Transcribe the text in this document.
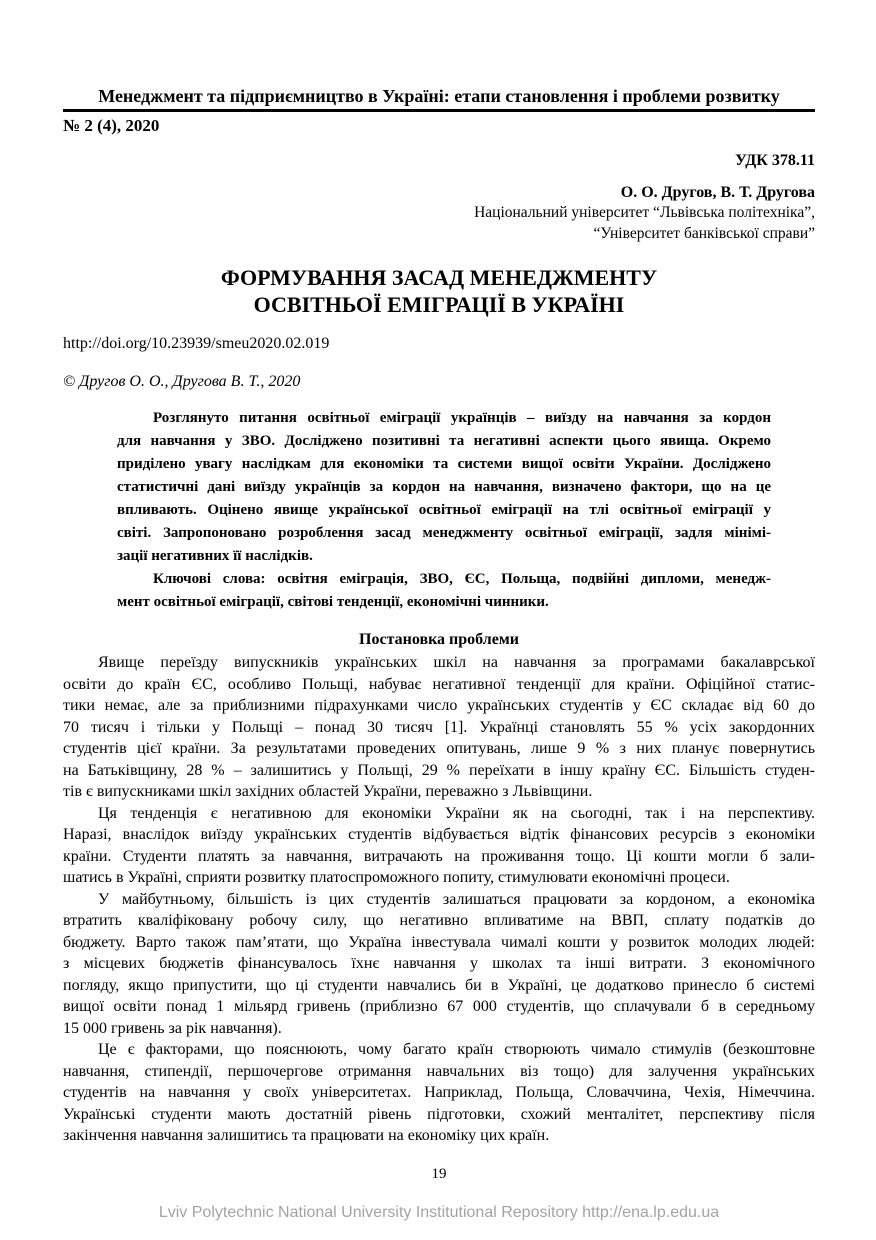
Менеджмент та підприємництво в Україні: етапи становлення і проблеми розвитку
№ 2 (4), 2020
УДК 378.11
О. О. Другов, В. Т. Другова
Національний університет “Львівська політехніка”,
“Університет банківської справи”
ФОРМУВАННЯ ЗАСАД МЕНЕДЖМЕНТУ
ОСВІТНЬОЇ ЕМІГРАЦІЇ В УКРАЇНІ
http://doi.org/10.23939/smeu2020.02.019
© Другов О. О., Другова В. Т., 2020
Розглянуто питання освітньої еміграції українців – виїзду на навчання за кордон
для навчання у ЗВО. Досліджено позитивні та негативні аспекти цього явища. Окремо
приділено увагу наслідкам для економіки та системи вищої освіти України. Досліджено
статистичні дані виїзду українців за кордон на навчання, визначено фактори, що на це
впливають. Оцінено явище української освітньої еміграції на тлі освітньої еміграції у
світі. Запропоновано розроблення засад менеджменту освітньої еміграції, задля мінімі-
зації негативних її наслідків.
Ключові слова: освітня еміграція, ЗВО, ЄС, Польща, подвійні дипломи, менедж-
мент освітньої еміграції, світові тенденції, економічні чинники.
Постановка проблеми
Явище переїзду випускників українських шкіл на навчання за програмами бакалаврської
освіти до країн ЄС, особливо Польщі, набуває негативної тенденції для країни. Офіційної статис-
тики немає, але за приблизними підрахунками число українських студентів у ЄС складає від 60 до
70 тисяч і тільки у Польщі – понад 30 тисяч [1]. Українці становлять 55 % усіх закордонних
студентів цієї країни. За результатами проведених опитувань, лише 9 % з них планує повернутись
на Батьківщину, 28 % – залишитись у Польщі, 29 % переїхати в іншу країну ЄС. Більшість студен-
тів є випускниками шкіл західних областей України, переважно з Львівщини.
Ця тенденція є негативною для економіки України як на сьогодні, так і на перспективу.
Наразі, внаслідок виїзду українських студентів відбувається відтік фінансових ресурсів з економіки
країни. Студенти платять за навчання, витрачають на проживання тощо. Ці кошти могли б зали-
шатись в Україні, сприяти розвитку платоспроможного попиту, стимулювати економічні процеси.
У майбутньому, більшість із цих студентів залишаться працювати за кордоном, а економіка
втратить кваліфіковану робочу силу, що негативно впливатиме на ВВП, сплату податків до
бюджету. Варто також пам’ятати, що Україна інвестувала чималі кошти у розвиток молодих людей:
з місцевих бюджетів фінансувалось їхнє навчання у школах та інші витрати. З економічного
погляду, якщо припустити, що ці студенти навчались би в Україні, це додатково принесло б системі
вищої освіти понад 1 мільярд гривень (приблизно 67 000 студентів, що сплачували б в середньому
15 000 гривень за рік навчання).
Це є факторами, що пояснюють, чому багато країн створюють чимало стимулів (безкоштовне
навчання, стипендії, першочергове отримання навчальних віз тощо) для залучення українських
студентів на навчання у своїх університетах. Наприклад, Польща, Словаччина, Чехія, Німеччина.
Українські студенти мають достатній рівень підготовки, схожий менталітет, перспективу після
закінчення навчання залишитись та працювати на економіку цих країн.
19
Lviv Polytechnic National University Institutional Repository http://ena.lp.edu.ua
